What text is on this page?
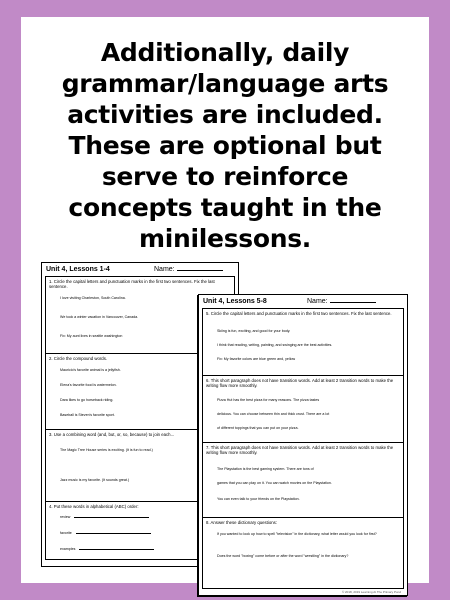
Additionally, daily
grammar/language arts
activities are included.
These are optional but
serve to reinforce
concepts taught in the
minilessons.
Unit 4, Lessons 1-4	Name:
1. Circle the capital letters and punctuation marks in the first two sentences. Fix the last sentence.
I love visiting Charleston, South Carolina.
We took a winter vacation in Vancouver, Canada.
Fix: My aunt lives in seattle washington
2. Circle the compound words.
Mauricio's favorite animal is a jellyfish.
Elena's favorite food is watermelon.
Dara likes to go horseback riding.
Baseball is Steven's favorite sport.
3. Use a combining word (and, but, or, so, because) to join each...
The Magic Tree House series is exciting. (It is fun to read.)
Jazz music is my favorite. (It sounds great.)
4. Put these words in alphabetical (ABC) order:
review
favorite
examples
Unit 4, Lessons 5-8	Name:
5. Circle the capital letters and punctuation marks in the first two sentences. Fix the last sentence.
Skiing is fun, exciting, and good for your body.
I think that reading, writing, painting, and swinging are the best activities.
Fix: My favorite colors are blue green and, yellow
6. This short paragraph does not have transition words. Add at least 2 transition words to make the writing flow more smoothly.
Pizza Hut has the best pizza for many reasons. The pizza tastes
delicious. You can choose between thin and thick crust. There are a lot
of different toppings that you can put on your pizza.
7. This short paragraph does not have transition words. Add at least 2 transition words to make the writing flow more smoothly.
The Playstation is the best gaming system. There are tons of
games that you can play on it. You can watch movies on the Playstation.
You can even talk to your friends on the Playstation.
8. Answer these dictionary questions:
If you wanted to look up how to spell "television" in the dictionary, what letter would you look for first?
Does the word "boxing" come before or after the word "wrestling" in the dictionary?
© 2018, 2019 Learning At The Primary Pond
